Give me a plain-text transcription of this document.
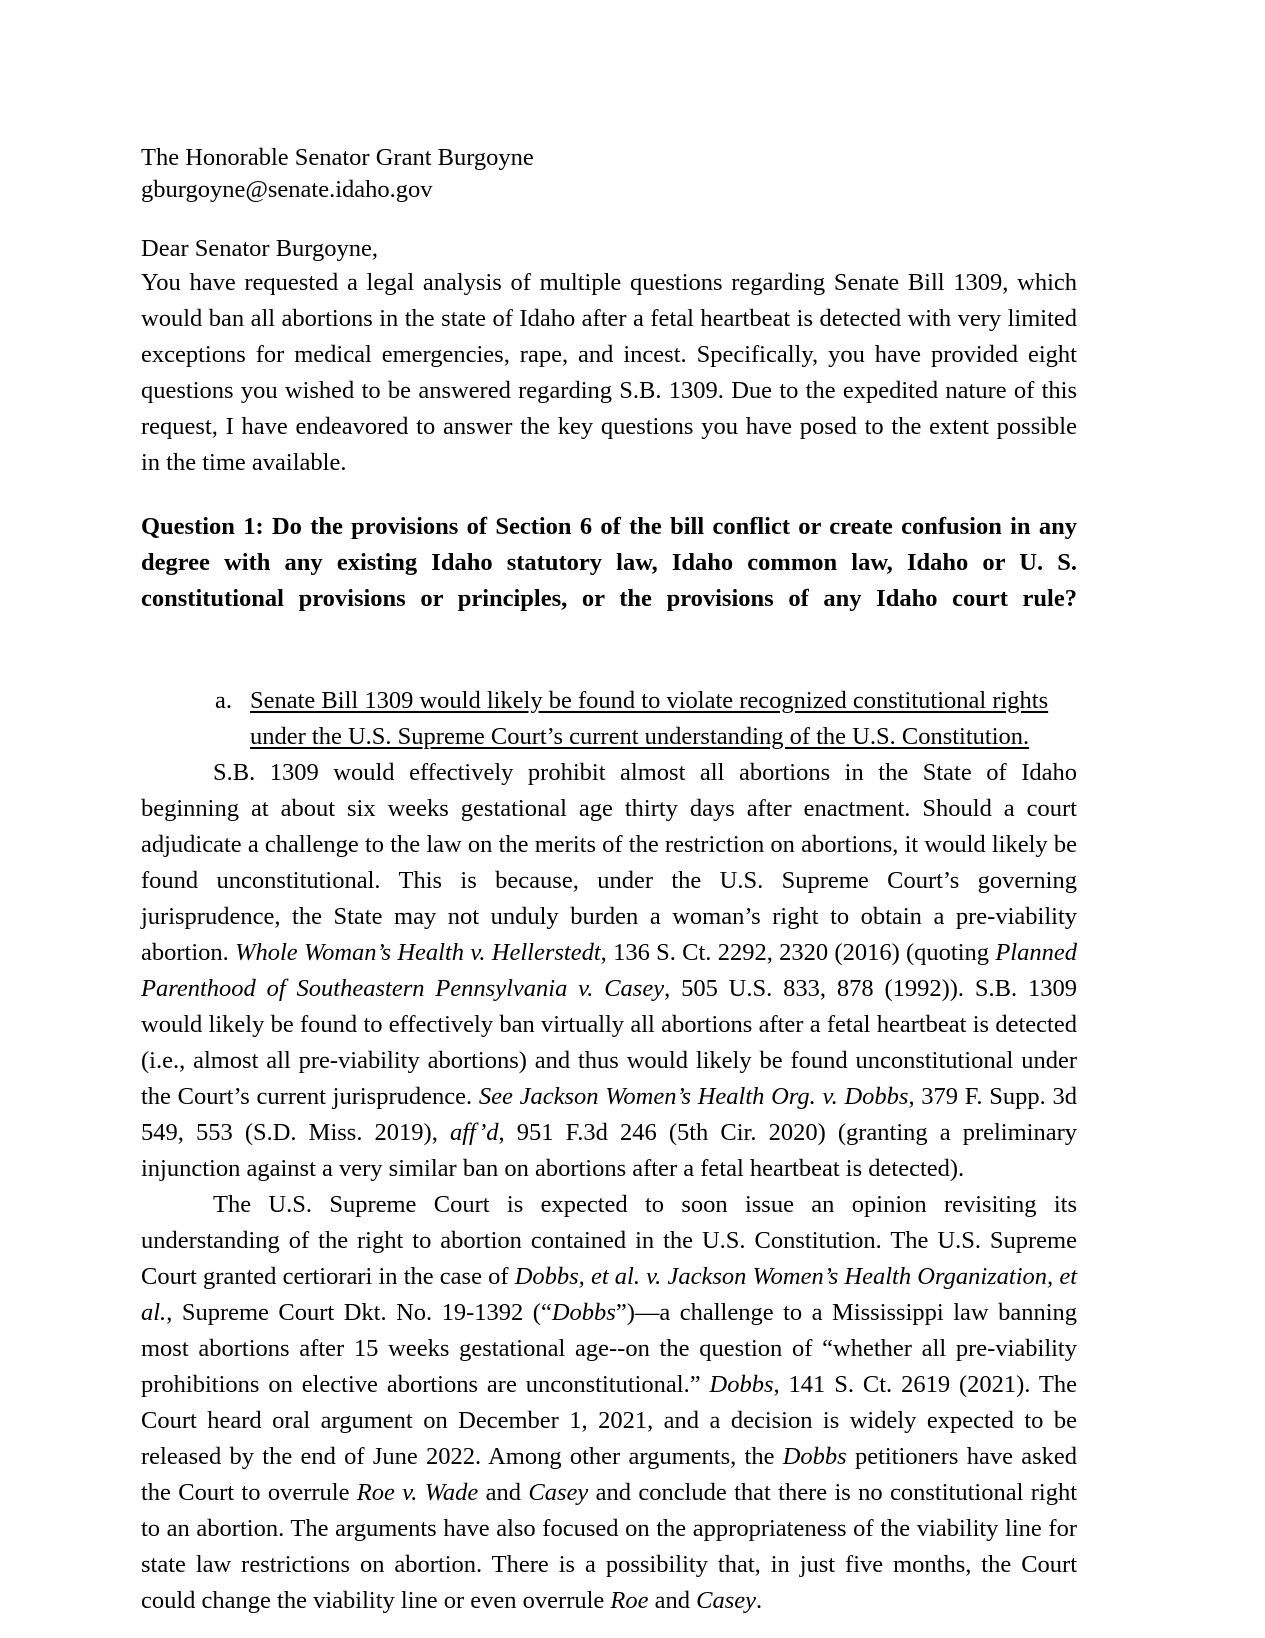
The Honorable Senator Grant Burgoyne
gburgoyne@senate.idaho.gov
Dear Senator Burgoyne,

You have requested a legal analysis of multiple questions regarding Senate Bill 1309, which would ban all abortions in the state of Idaho after a fetal heartbeat is detected with very limited exceptions for medical emergencies, rape, and incest. Specifically, you have provided eight questions you wished to be answered regarding S.B. 1309. Due to the expedited nature of this request, I have endeavored to answer the key questions you have posed to the extent possible in the time available.

Question 1: Do the provisions of Section 6 of the bill conflict or create confusion in any degree with any existing Idaho statutory law, Idaho common law, Idaho or U. S. constitutional provisions or principles, or the provisions of any Idaho court rule?

a. Senate Bill 1309 would likely be found to violate recognized constitutional rights under the U.S. Supreme Court’s current understanding of the U.S. Constitution.

S.B. 1309 would effectively prohibit almost all abortions in the State of Idaho beginning at about six weeks gestational age thirty days after enactment. Should a court adjudicate a challenge to the law on the merits of the restriction on abortions, it would likely be found unconstitutional. This is because, under the U.S. Supreme Court’s governing jurisprudence, the State may not unduly burden a woman’s right to obtain a pre-viability abortion. Whole Woman’s Health v. Hellerstedt, 136 S. Ct. 2292, 2320 (2016) (quoting Planned Parenthood of Southeastern Pennsylvania v. Casey, 505 U.S. 833, 878 (1992)). S.B. 1309 would likely be found to effectively ban virtually all abortions after a fetal heartbeat is detected (i.e., almost all pre-viability abortions) and thus would likely be found unconstitutional under the Court’s current jurisprudence. See Jackson Women’s Health Org. v. Dobbs, 379 F. Supp. 3d 549, 553 (S.D. Miss. 2019), aff’d, 951 F.3d 246 (5th Cir. 2020) (granting a preliminary injunction against a very similar ban on abortions after a fetal heartbeat is detected).

The U.S. Supreme Court is expected to soon issue an opinion revisiting its understanding of the right to abortion contained in the U.S. Constitution. The U.S. Supreme Court granted certiorari in the case of Dobbs, et al. v. Jackson Women’s Health Organization, et al., Supreme Court Dkt. No. 19-1392 (“Dobbs”)—a challenge to a Mississippi law banning most abortions after 15 weeks gestational age--on the question of “whether all pre-viability prohibitions on elective abortions are unconstitutional.” Dobbs, 141 S. Ct. 2619 (2021). The Court heard oral argument on December 1, 2021, and a decision is widely expected to be released by the end of June 2022. Among other arguments, the Dobbs petitioners have asked the Court to overrule Roe v. Wade and Casey and conclude that there is no constitutional right to an abortion. The arguments have also focused on the appropriateness of the viability line for state law restrictions on abortion. There is a possibility that, in just five months, the Court could change the viability line or even overrule Roe and Casey.
